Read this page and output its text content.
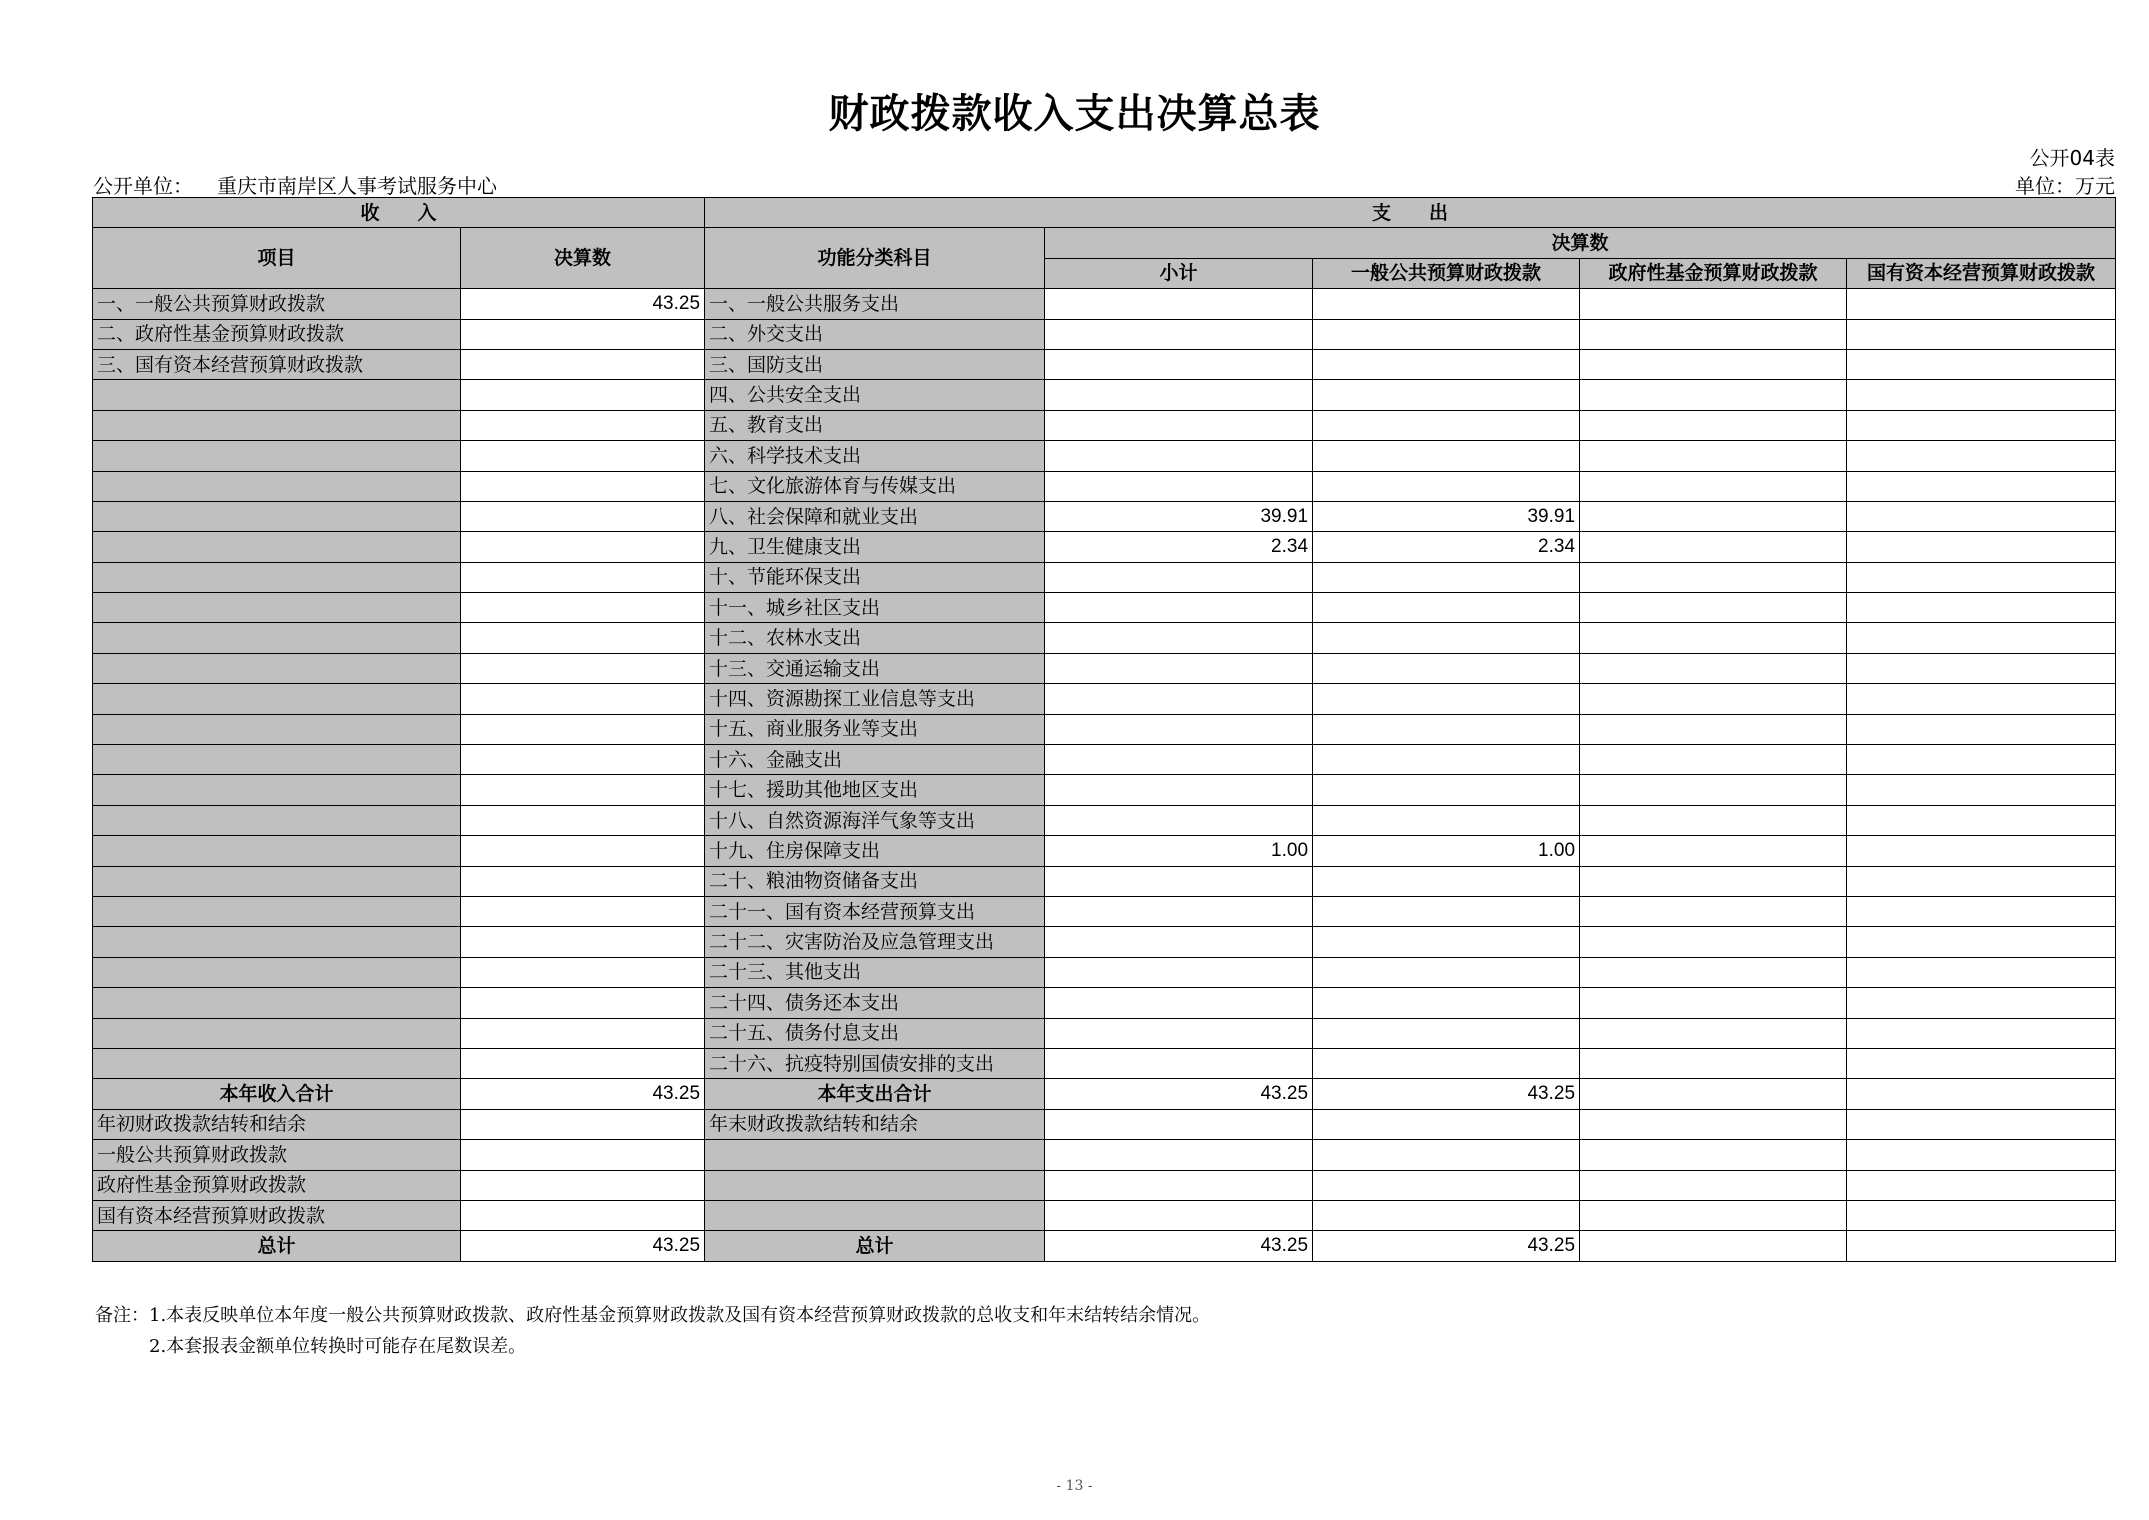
财政拨款收入支出决算总表
公开04表
公开单位： 重庆市南岸区人事考试服务中心	单位：万元
收　　入		支　　出				
项目	决算数	功能分类科目	决算数			
			小计	一般公共预算财政拨款	政府性基金预算财政拨款	国有资本经营预算财政拨款
一、一般公共预算财政拨款	43.25	一、一般公共服务支出				
二、政府性基金预算财政拨款		二、外交支出				
三、国有资本经营预算财政拨款		三、国防支出				
		四、公共安全支出				
		五、教育支出				
		六、科学技术支出				
		七、文化旅游体育与传媒支出				
		八、社会保障和就业支出	39.91	39.91		
		九、卫生健康支出	2.34	2.34		
		十、节能环保支出				
		十一、城乡社区支出				
		十二、农林水支出				
		十三、交通运输支出				
		十四、资源勘探工业信息等支出				
		十五、商业服务业等支出				
		十六、金融支出				
		十七、援助其他地区支出				
		十八、自然资源海洋气象等支出				
		十九、住房保障支出	1.00	1.00		
		二十、粮油物资储备支出				
		二十一、国有资本经营预算支出				
		二十二、灾害防治及应急管理支出				
		二十三、其他支出				
		二十四、债务还本支出				
		二十五、债务付息支出				
		二十六、抗疫特别国债安排的支出				
本年收入合计	43.25	本年支出合计	43.25	43.25		
年初财政拨款结转和结余		年末财政拨款结转和结余				
一般公共预算财政拨款						
政府性基金预算财政拨款						
国有资本经营预算财政拨款						
总计	43.25	总计	43.25	43.25		
备注：1.本表反映单位本年度一般公共预算财政拨款、政府性基金预算财政拨款及国有资本经营预算财政拨款的总收支和年末结转结余情况。
2.本套报表金额单位转换时可能存在尾数误差。
- 13 -
